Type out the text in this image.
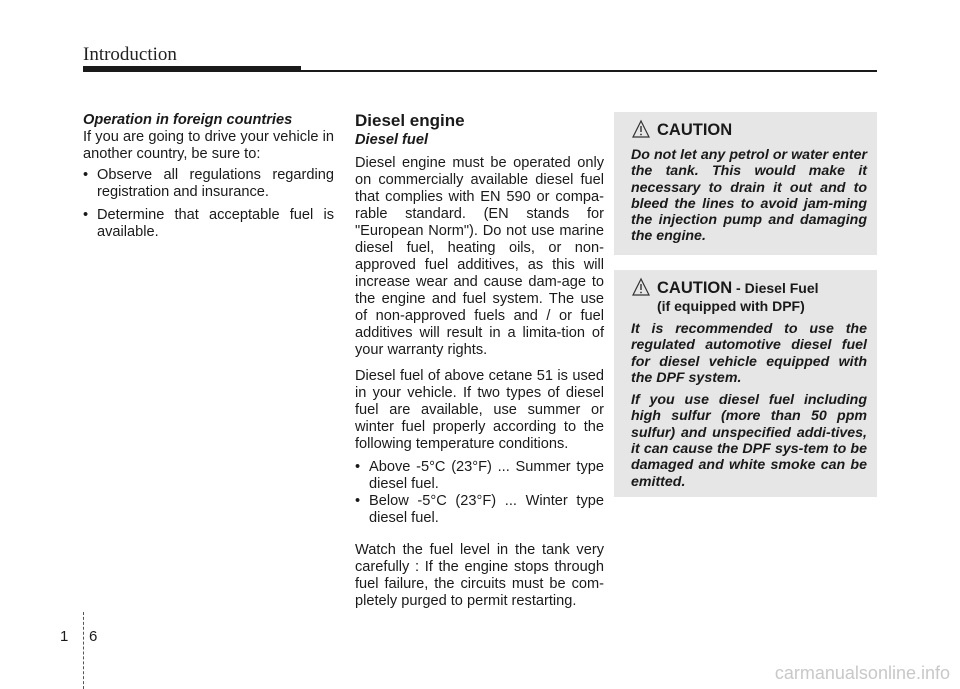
Introduction

Operation in foreign countries

If you are going to drive your vehicle in another country, be sure to:

• Observe all regulations regarding registration and insurance.
• Determine that acceptable fuel is available.

Diesel engine

Diesel fuel

Diesel engine must be operated only on commercially available diesel fuel that complies with EN 590 or compa-rable standard. (EN stands for "European Norm"). Do not use marine diesel fuel, heating oils, or non-approved fuel additives, as this will increase wear and cause dam-age to the engine and fuel system. The use of non-approved fuels and / or fuel additives will result in a limita-tion of your warranty rights.

Diesel fuel of above cetane 51 is used in your vehicle. If two types of diesel fuel are available, use summer or winter fuel properly according to the following temperature conditions.

• Above -5°C (23°F) ... Summer type diesel fuel.
• Below -5°C (23°F) ... Winter type diesel fuel.

Watch the fuel level in the tank very carefully : If the engine stops through fuel failure, the circuits must be com-pletely purged to permit restarting.

CAUTION

Do not let any petrol or water enter the tank. This would make it necessary to drain it out and to bleed the lines to avoid jam-ming the injection pump and damaging the engine.

CAUTION - Diesel Fuel
(if equipped with DPF)

It is recommended to use the regulated automotive diesel fuel for diesel vehicle equipped with the DPF system.

If you use diesel fuel including high sulfur (more than 50 ppm sulfur) and unspecified addi-tives, it can cause the DPF sys-tem to be damaged and white smoke can be emitted.

1 6
carmanualsonline.info
